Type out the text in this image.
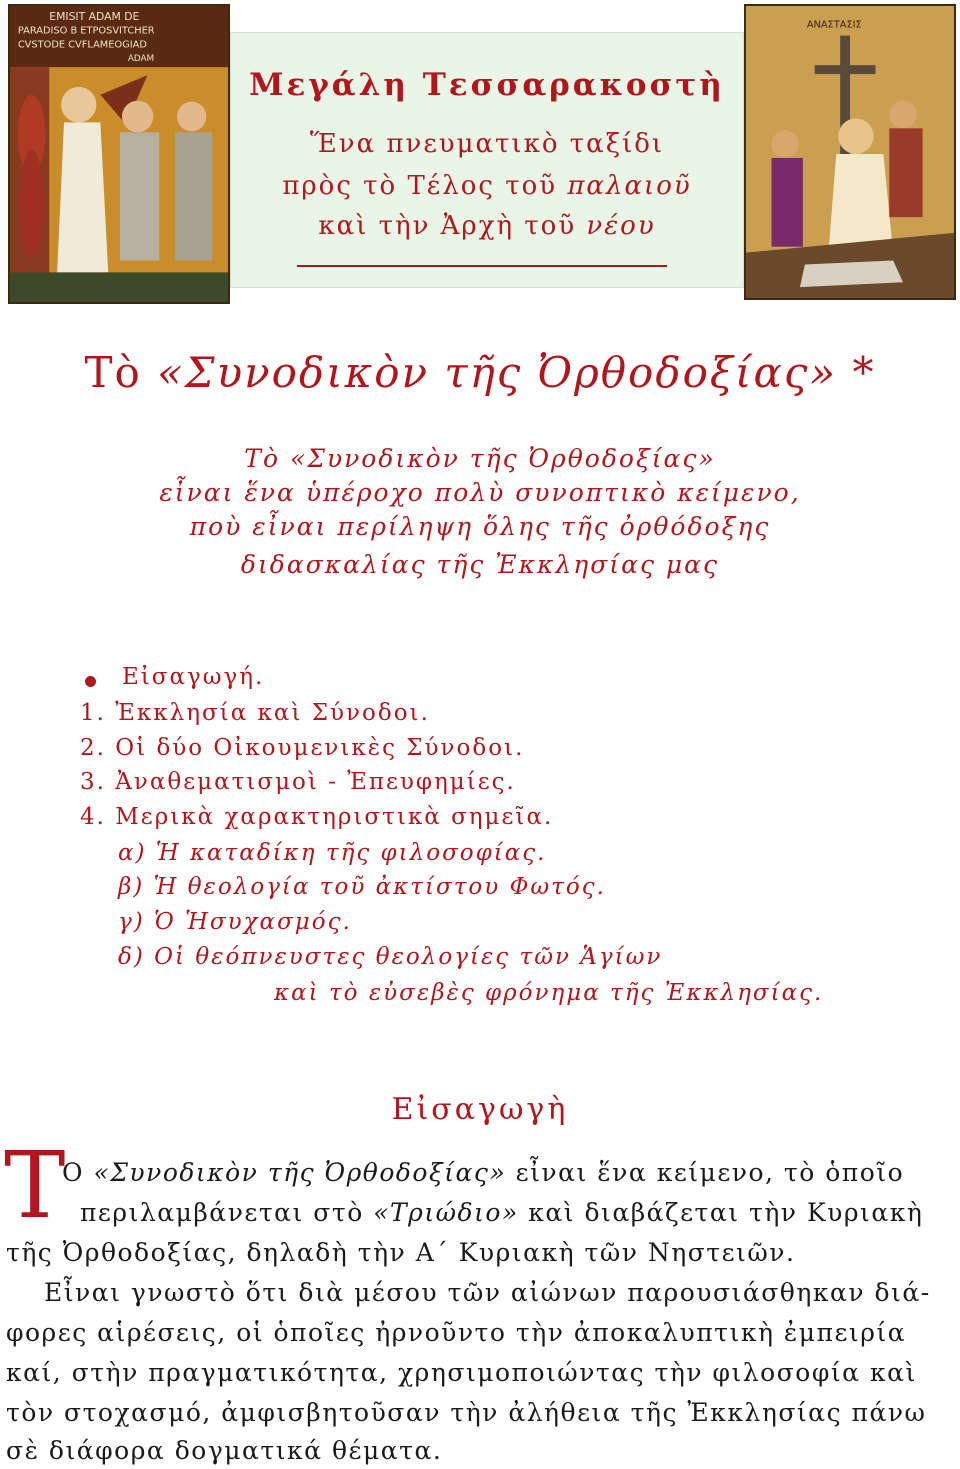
EMISIT ADAM DE
PARADISO B ETPOSVITCHER
CVSTODE CVFLAMEOGIAD
ADAM
ΑΝΑΣΤΑΣΙΣ
Μεγάλη Τεσσαρακοστὴ
Ἕνα πνευματικὸ ταξίδι
πρὸς τὸ Τέλος τοῦ παλαιοῦ
καὶ τὴν Ἀρχὴ τοῦ νέου
Τὸ «Συνοδικὸν τῆς Ὀρθοδοξίας» *
Τὸ «Συνοδικὸν τῆς Ὀρθοδοξίας»
εἶναι ἕνα ὑπέροχο πολὺ συνοπτικὸ κείμενο,
ποὺ εἶναι περίληψη ὅλης τῆς ὀρθόδοξης
διδασκαλίας τῆς Ἐκκλησίας μας
Εἰσαγωγή.
1. Ἐκκλησία καὶ Σύνοδοι.
2. Οἱ δύο Οἰκουμενικὲς Σύνοδοι.
3. Ἀναθεματισμοὶ - Ἐπευφημίες.
4. Μερικὰ χαρακτηριστικὰ σημεῖα.
α) Ἡ καταδίκη τῆς φιλοσοφίας.
β) Ἡ θεολογία τοῦ ἀκτίστου Φωτός.
γ) Ὁ Ἡσυχασμός.
δ) Οἱ θεόπνευστες θεολογίες τῶν Ἁγίων
καὶ τὸ εὐσεβὲς φρόνημα τῆς Ἐκκλησίας.
Εἰσαγωγὴ
Τ
Ο «Συνοδικὸν τῆς Ὀρθοδοξίας» εἶναι ἕνα κείμενο, τὸ ὁποῖο
περιλαμβάνεται στὸ «Τριώδιο» καὶ διαβάζεται τὴν Κυριακὴ
τῆς Ὀρθοδοξίας, δηλαδὴ τὴν Α΄ Κυριακὴ τῶν Νηστειῶν.
Εἶναι γνωστὸ ὅτι διὰ μέσου τῶν αἰώνων παρουσιάσθηκαν διά-
φορες αἱρέσεις, οἱ ὁποῖες ἠρνοῦντο τὴν ἀποκαλυπτικὴ ἐμπειρία
καί, στὴν πραγματικότητα, χρησιμοποιώντας τὴν φιλοσοφία καὶ
τὸν στοχασμό, ἀμφισβητοῦσαν τὴν ἀλήθεια τῆς Ἐκκλησίας πάνω
σὲ διάφορα δογματικά θέματα.
